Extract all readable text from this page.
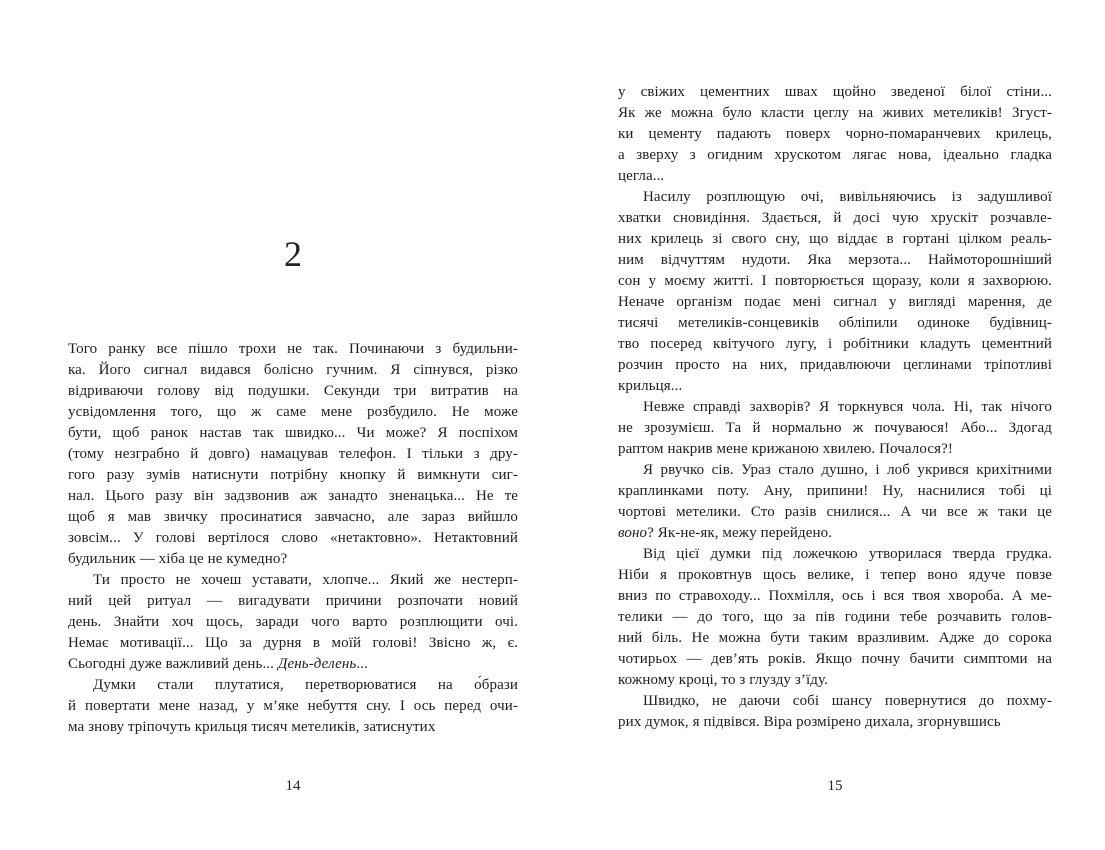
2
Того ранку все пішло трохи не так. Починаючи з будильни-
ка. Його сигнал видався болісно гучним. Я сіпнувся, різко
відриваючи голову від подушки. Секунди три витратив на
усвідомлення того, що ж саме мене розбудило. Не може
бути, щоб ранок настав так швидко... Чи може? Я поспіхом
(тому незграбно й довго) намацував телефон. І тільки з дру-
гого разу зумів натиснути потрібну кнопку й вимкнути сиг-
нал. Цього разу він задзвонив аж занадто зненацька... Не те
щоб я мав звичку просинатися завчасно, але зараз вийшло
зовсім... У голові вертілося слово «нетактовно». Нетактовний
будильник — хіба це не кумедно?
Ти просто не хочеш уставати, хлопче... Який же нестерп-
ний цей ритуал — вигадувати причини розпочати новий
день. Знайти хоч щось, заради чого варто розплющити очі.
Немає мотивації... Що за дурня в моїй голові! Звісно ж, є.
Сьогодні дуже важливий день... День-делень...
Думки стали плутатися, перетворюватися на о́брази
й повертати мене назад, у м’яке небуття сну. І ось перед очи-
ма знову тріпочуть крильця тисяч метеликів, затиснутих
14
у свіжих цементних швах щойно зведеної білої стіни...
Як же можна було класти цеглу на живих метеликів! Згуст-
ки цементу падають поверх чорно-помаранчевих крилець,
а зверху з огидним хрускотом лягає нова, ідеально гладка
цегла...
Насилу розплющую очі, вивільняючись із задушливої
хватки сновидіння. Здається, й досі чую хрускіт розчавле-
них крилець зі свого сну, що віддає в гортані цілком реаль-
ним відчуттям нудоти. Яка мерзота... Наймоторошніший
сон у моєму житті. І повторюється щоразу, коли я захворюю.
Неначе організм подає мені сигнал у вигляді марення, де
тисячі метеликів-сонцевиків обліпили одиноке будівниц-
тво посеред квітучого лугу, і робітники кладуть цементний
розчин просто на них, придавлюючи цеглинами тріпотливі
крильця...
Невже справді захворів? Я торкнувся чола. Ні, так нічого
не зрозумієш. Та й нормально ж почуваюся! Або... Здогад
раптом накрив мене крижаною хвилею. Почалося?!
Я рвучко сів. Ураз стало душно, і лоб укрився крихітними
краплинками поту. Ану, припини! Ну, наснилися тобі ці
чортові метелики. Сто разів снилися... А чи все ж таки це
воно? Як-не-як, межу перейдено.
Від цієї думки під ложечкою утворилася тверда грудка.
Ніби я проковтнув щось велике, і тепер воно ядуче повзе
вниз по стравоходу... Похмілля, ось і вся твоя хвороба. А ме-
телики — до того, що за пів години тебе розчавить голов-
ний біль. Не можна бути таким вразливим. Адже до сорока
чотирьох — дев’ять років. Якщо почну бачити симптоми на
кожному кроці, то з глузду з’їду.
Швидко, не даючи собі шансу повернутися до похму-
рих думок, я підвівся. Віра розмірено дихала, згорнувшись
15
